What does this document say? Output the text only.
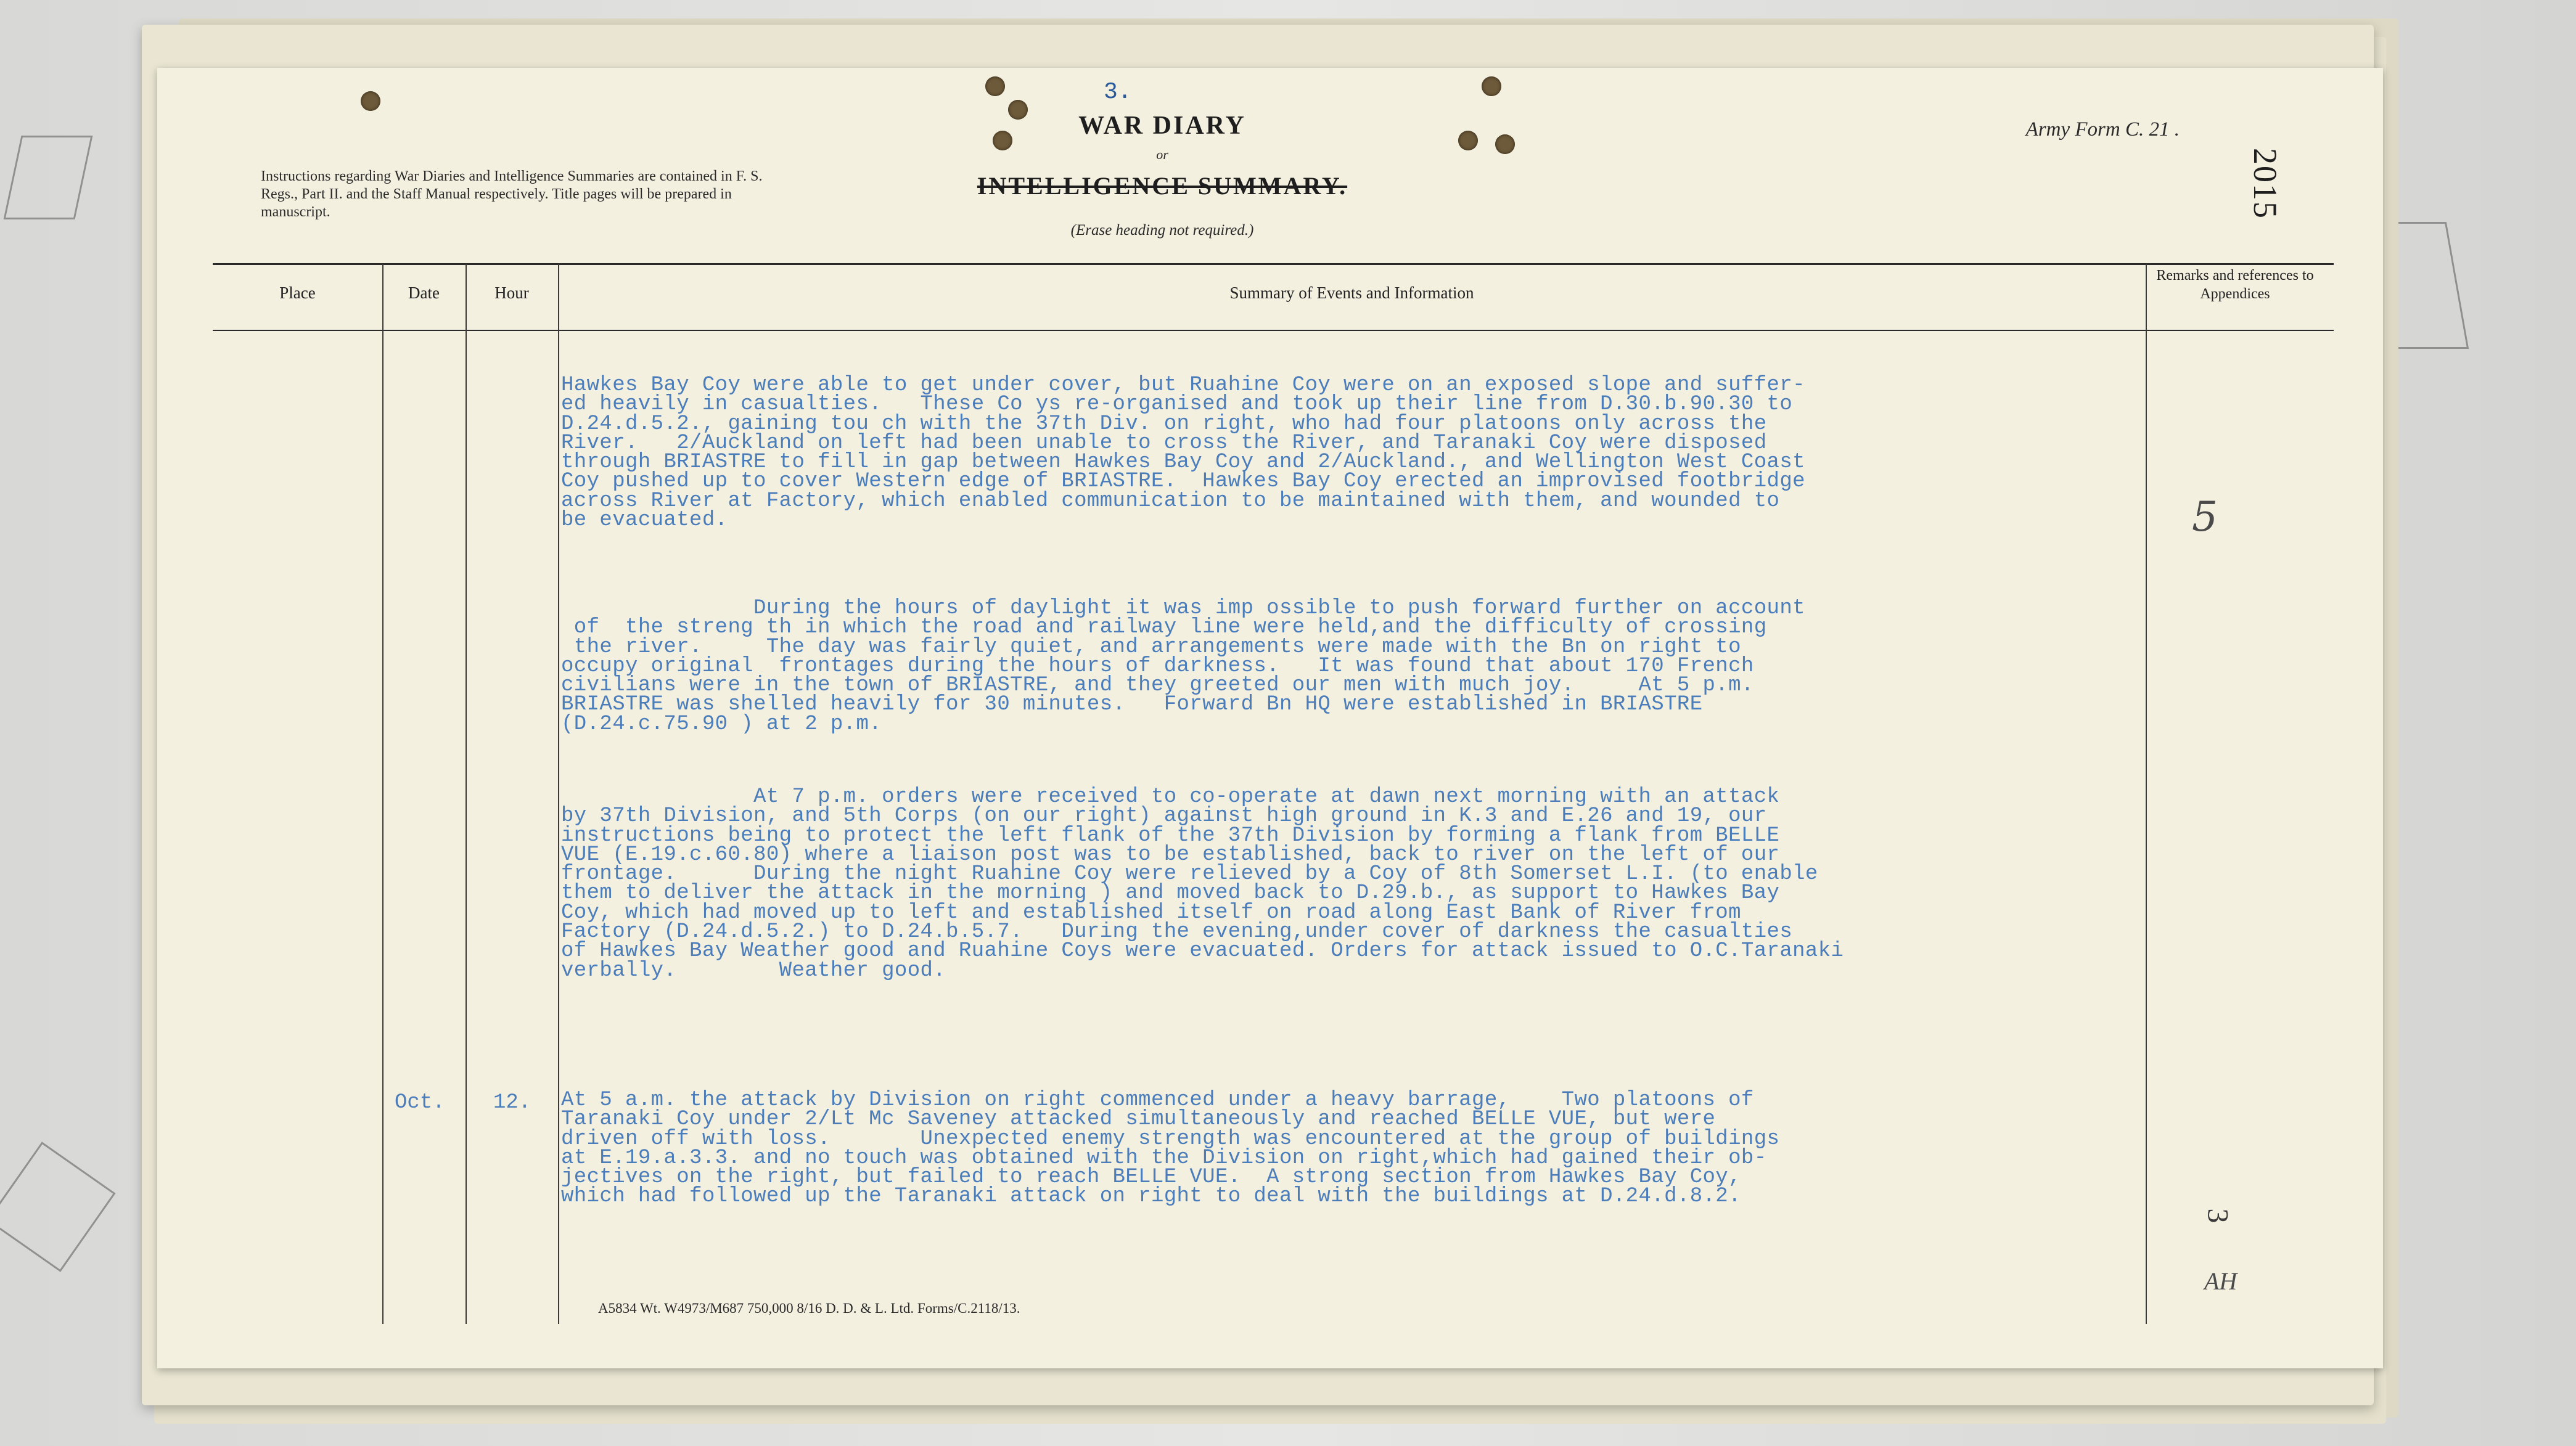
Instructions regarding War Diaries and Intelligence Summaries are contained in F. S. Regs., Part II. and the Staff Manual respectively. Title pages will be prepared in manuscript.
3.
WAR DIARY
or
INTELLIGENCE SUMMARY.
(Erase heading not required.)
Army Form C. 21 .
2015
Place	Date	Hour	Summary of Events and Information
Remarks and references to Appendices
Hawkes Bay Coy were able to get under cover, but Ruahine Coy were on an exposed slope and suffer-
ed heavily in casualties.   These Co ys re-organised and took up their line from D.30.b.90.30 to
D.24.d.5.2., gaining tou ch with the 37th Div. on right, who had four platoons only across the
River.   2/Auckland on left had been unable to cross the River, and Taranaki Coy were disposed
through BRIASTRE to fill in gap between Hawkes Bay Coy and 2/Auckland., and Wellington West Coast
Coy pushed up to cover Western edge of BRIASTRE.  Hawkes Bay Coy erected an improvised footbridge
across River at Factory, which enabled communication to be maintained with them, and wounded to
be evacuated.
During the hours of daylight it was imp ossible to push forward further on account
of  the streng th in which the road and railway line were held,and the difficulty of crossing
the river.     The day was fairly quiet, and arrangements were made with the Bn on right to
occupy original  frontages during the hours of darkness.   It was found that about 170 French
civilians were in the town of BRIASTRE, and they greeted our men with much joy.     At 5 p.m.
BRIASTRE was shelled heavily for 30 minutes.   Forward Bn HQ were established in BRIASTRE
(D.24.c.75.90 ) at 2 p.m.
At 7 p.m. orders were received to co-operate at dawn next morning with an attack
by 37th Division, and 5th Corps (on our right) against high ground in K.3 and E.26 and 19, our
instructions being to protect the left flank of the 37th Division by forming a flank from BELLE
VUE (E.19.c.60.80) where a liaison post was to be established, back to river on the left of our
frontage.      During the night Ruahine Coy were relieved by a Coy of 8th Somerset L.I. (to enable
them to deliver the attack in the morning ) and moved back to D.29.b., as support to Hawkes Bay
Coy, which had moved up to left and established itself on road along East Bank of River from
Factory (D.24.d.5.2.) to D.24.b.5.7.   During the evening,under cover of darkness the casualties
of Hawkes Bay Weather good and Ruahine Coys were evacuated. Orders for attack issued to O.C.Taranaki
verbally.        Weather good.
Oct. 12. At 5 a.m. the attack by Division on right commenced under a heavy barrage,    Two platoons of
Taranaki Coy under 2/Lt Mc Saveney attacked simultaneously and reached BELLE VUE, but were
driven off with loss.       Unexpected enemy strength was encountered at the group of buildings
at E.19.a.3.3. and no touch was obtained with the Division on right,which had gained their ob-
jectives on the right, but failed to reach BELLE VUE.  A strong section from Hawkes Bay Coy,
which had followed up the Taranaki attack on right to deal with the buildings at D.24.d.8.2.
5
3
AH
A5834 Wt. W4973/M687 750,000 8/16 D. D. & L. Ltd. Forms/C.2118/13.
